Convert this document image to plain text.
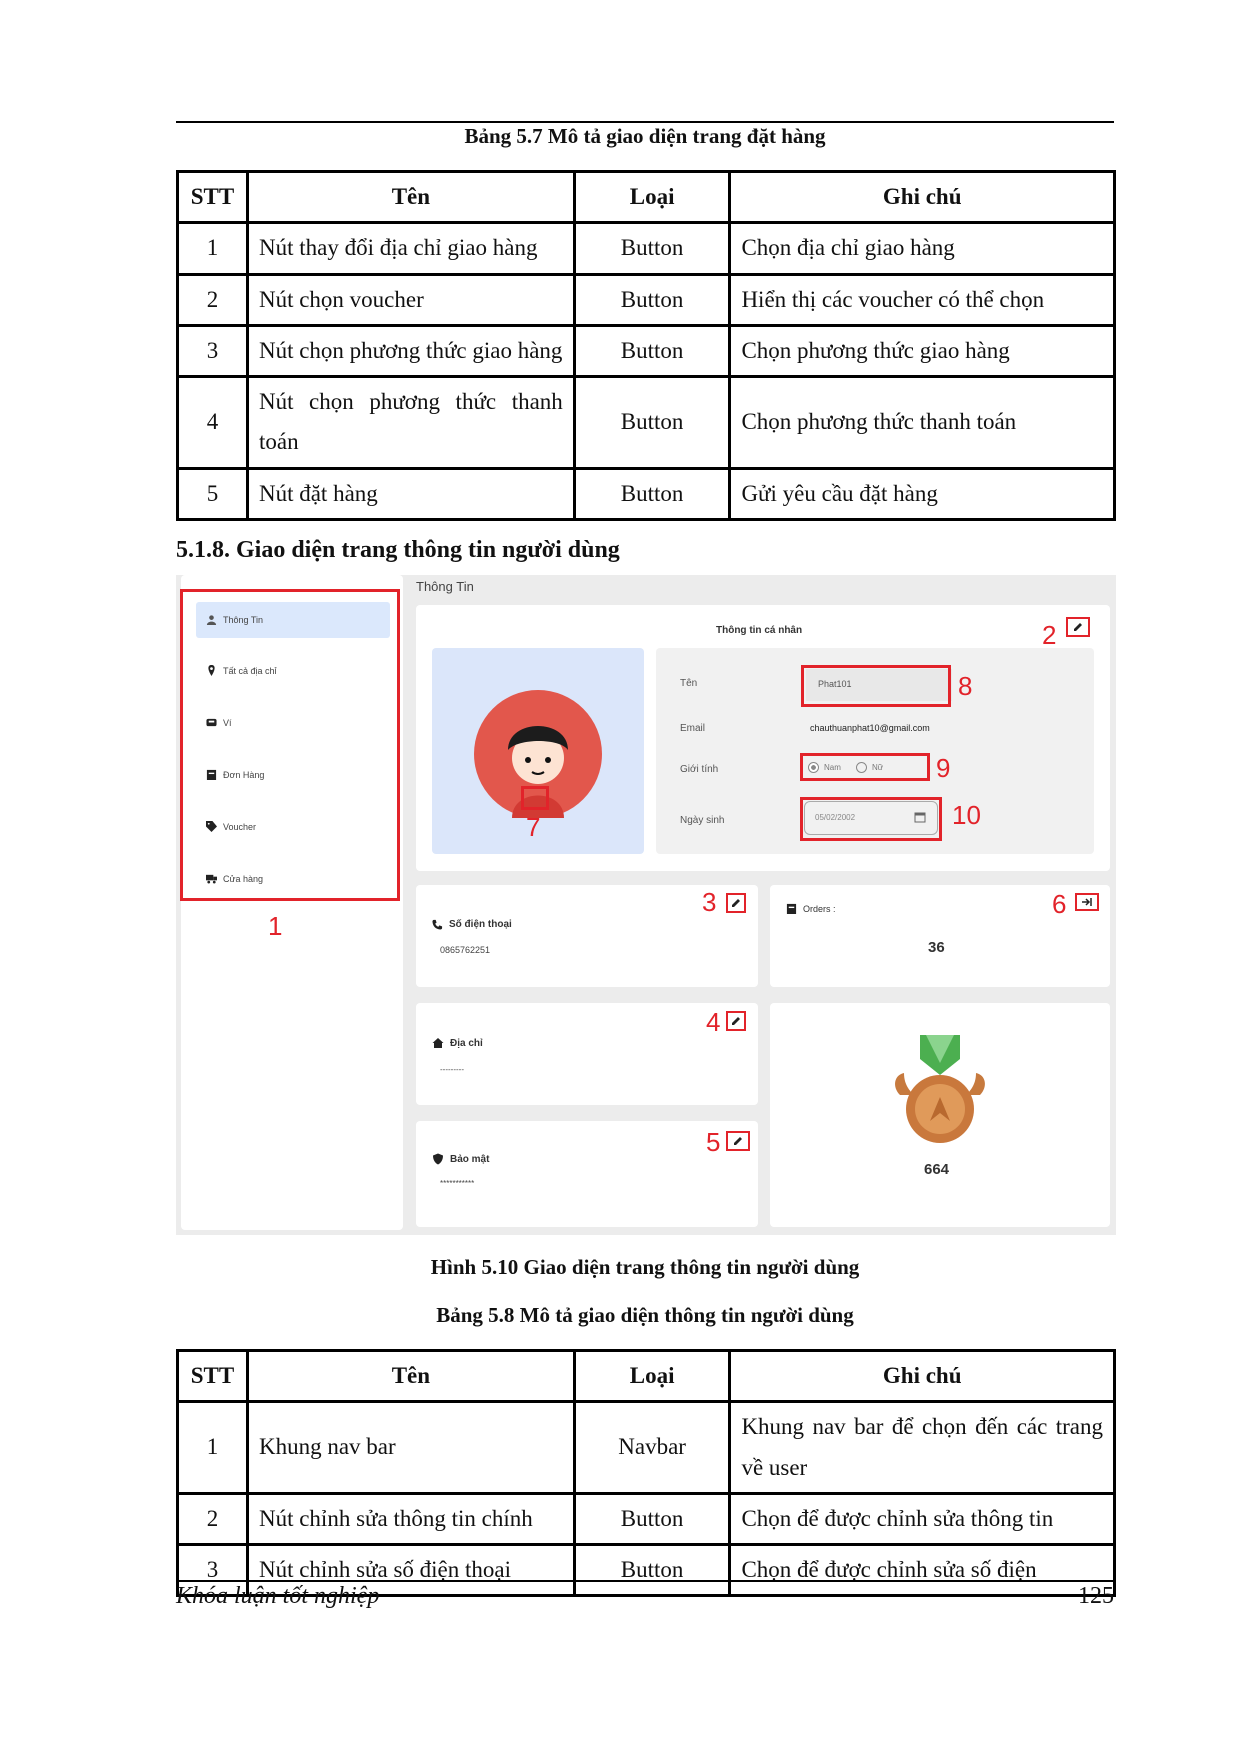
Bảng 5.7 Mô tả giao diện trang đặt hàng
STT	Tên	Loại	Ghi chú
1	Nút thay đổi địa chỉ giao hàng	Button	Chọn địa chỉ giao hàng
2	Nút chọn voucher	Button	Hiển thị các voucher có thể chọn
3	Nút chọn phương thức giao hàng	Button	Chọn phương thức giao hàng
4	Nút chọn phương thức thanh toán	Button	Chọn phương thức thanh toán
5	Nút đặt hàng	Button	Gửi yêu cầu đặt hàng
5.1.8. Giao diện trang thông tin người dùng
Thông Tin
Tất cả địa chỉ
Ví
Đơn Hàng
Voucher
Cửa hàng
1
Thông Tin
Thông tin cá nhân
7
Tên	Phat101	8
Email	chauthuanphat10@gmail.com
Giới tính	Nam	Nữ 9
Ngày sinh	05/02/2002	10
2
Số điện thoại
0865762251
3	Orders :
36
6
Địa chỉ
---------
4
Bảo mật
***********
5
664
Hình 5.10 Giao diện trang thông tin người dùng
Bảng 5.8 Mô tả giao diện thông tin người dùng
STT	Tên	Loại	Ghi chú
1	Khung nav bar	Navbar	Khung nav bar để chọn đến các trang về user
2	Nút chỉnh sửa thông tin chính	Button	Chọn để được chỉnh sửa thông tin
3	Nút chỉnh sửa số điện thoại	Button	Chọn để được chỉnh sửa số điện
Khóa luận tốt nghiệp	125
